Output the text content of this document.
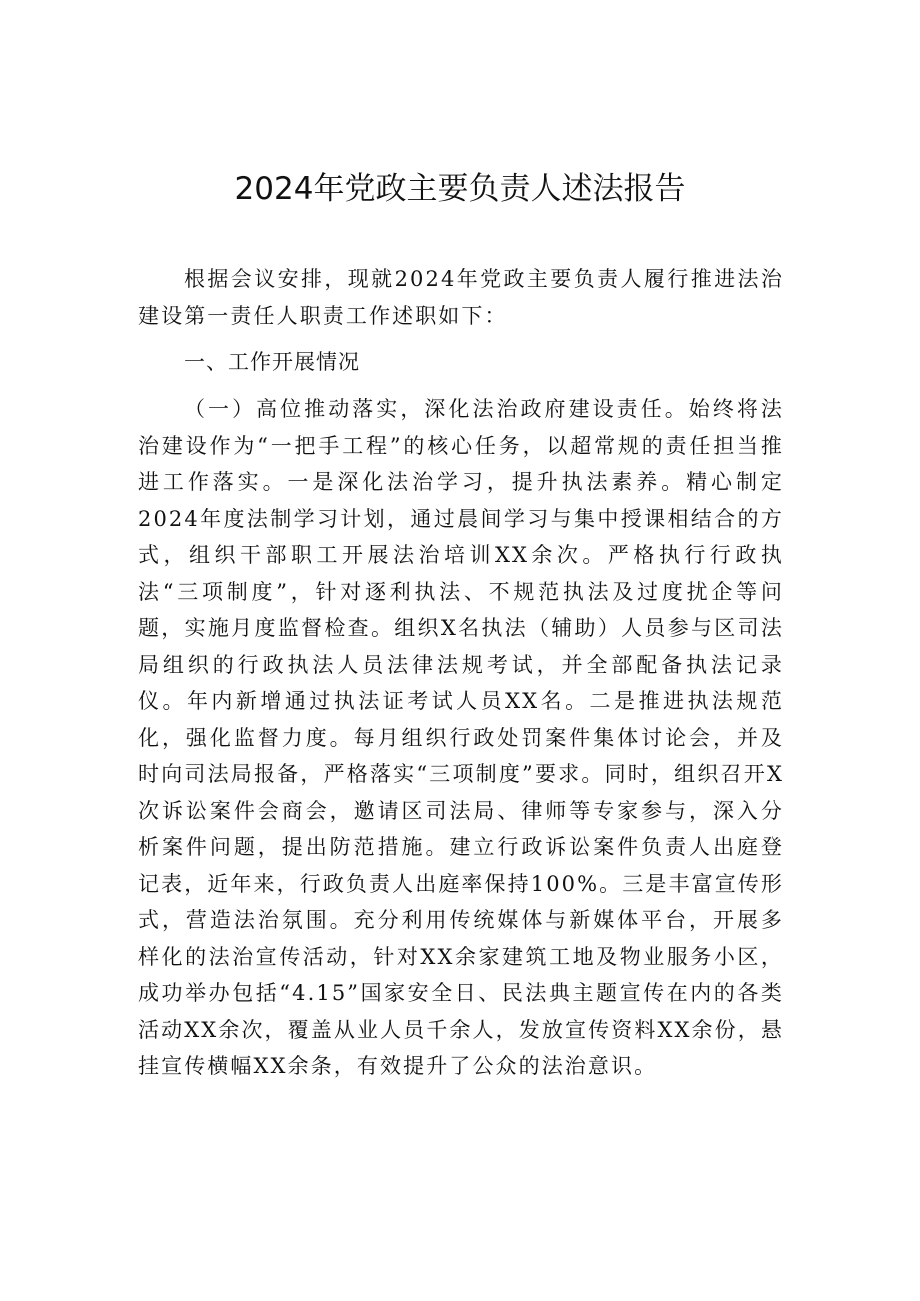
2024年党政主要负责人述法报告

根据会议安排，现就2024年党政主要负责人履行推进法治建设第一责任人职责工作述职如下：

一、工作开展情况

（一）高位推动落实，深化法治政府建设责任。始终将法治建设作为“一把手工程”的核心任务，以超常规的责任担当推进工作落实。一是深化法治学习，提升执法素养。精心制定2024年度法制学习计划，通过晨间学习与集中授课相结合的方式，组织干部职工开展法治培训XX余次。严格执行行政执法“三项制度”，针对逐利执法、不规范执法及过度扰企等问题，实施月度监督检查。组织X名执法（辅助）人员参与区司法局组织的行政执法人员法律法规考试，并全部配备执法记录仪。年内新增通过执法证考试人员XX名。二是推进执法规范化，强化监督力度。每月组织行政处罚案件集体讨论会，并及时向司法局报备，严格落实“三项制度”要求。同时，组织召开X次诉讼案件会商会，邀请区司法局、律师等专家参与，深入分析案件问题，提出防范措施。建立行政诉讼案件负责人出庭登记表，近年来，行政负责人出庭率保持100%。三是丰富宣传形式，营造法治氛围。充分利用传统媒体与新媒体平台，开展多样化的法治宣传活动，针对XX余家建筑工地及物业服务小区，成功举办包括“4.15”国家安全日、民法典主题宣传在内的各类活动XX余次，覆盖从业人员千余人，发放宣传资料XX余份，悬挂宣传横幅XX余条，有效提升了公众的法治意识。
